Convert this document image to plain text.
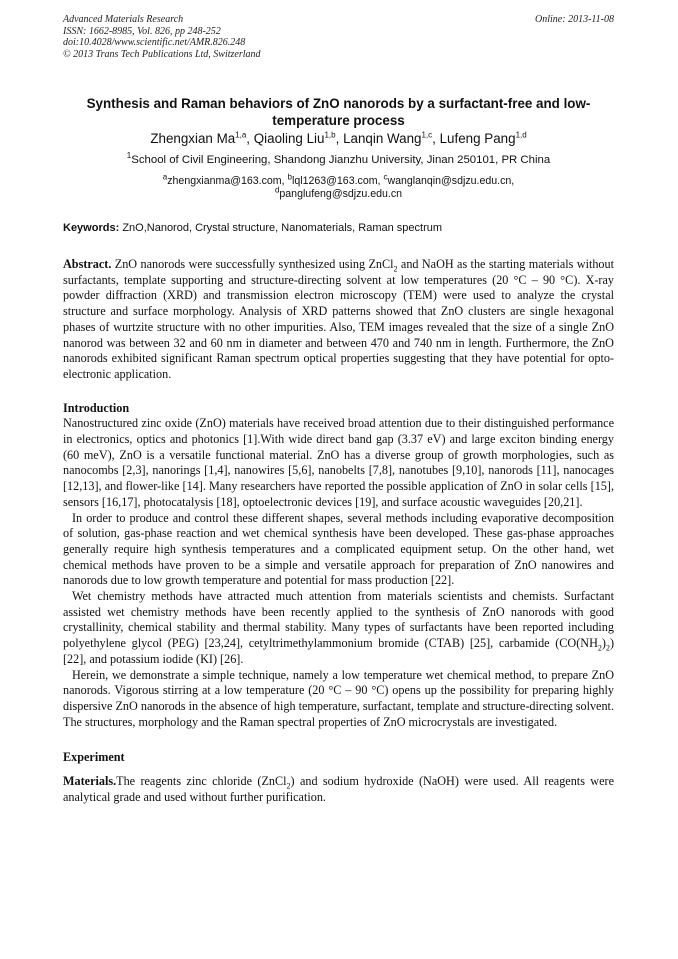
Advanced Materials Research
ISSN: 1662-8985, Vol. 826, pp 248-252
doi:10.4028/www.scientific.net/AMR.826.248
© 2013 Trans Tech Publications Ltd, Switzerland
Online: 2013-11-08
Synthesis and Raman behaviors of ZnO nanorods by a surfactant-free and low-temperature process
Zhengxian Ma$^{1,a}$, Qiaoling Liu$^{1,b}$, Lanqin Wang$^{1,c}$, Lufeng Pang$^{1,d}$
$^1$School of Civil Engineering, Shandong Jianzhu University, Jinan 250101, PR China
$^a$zhengxianma@163.com, $^b$lql1263@163.com, $^c$wanglanqin@sdjzu.edu.cn,
$^d$panglufeng@sdjzu.edu.cn
Keywords: ZnO,Nanorod, Crystal structure, Nanomaterials, Raman spectrum

Abstract. ZnO nanorods were successfully synthesized using ZnCl$_2$ and NaOH as the starting materials without surfactants, template supporting and structure-directing solvent at low temperatures (20 °C – 90 °C). X-ray powder diffraction (XRD) and transmission electron microscopy (TEM) were used to analyze the crystal structure and surface morphology. Analysis of XRD patterns showed that ZnO clusters are single hexagonal phases of wurtzite structure with no other impurities. Also, TEM images revealed that the size of a single ZnO nanorod was between 32 and 60 nm in diameter and between 470 and 740 nm in length. Furthermore, the ZnO nanorods exhibited significant Raman spectrum optical properties suggesting that they have potential for opto-electronic application.

Introduction

Nanostructured zinc oxide (ZnO) materials have received broad attention due to their distinguished performance in electronics, optics and photonics [1].With wide direct band gap (3.37 eV) and large exciton binding energy (60 meV), ZnO is a versatile functional material. ZnO has a diverse group of growth morphologies, such as nanocombs [2,3], nanorings [1,4], nanowires [5,6], nanobelts [7,8], nanotubes [9,10], nanorods [11], nanocages [12,13], and flower-like [14]. Many researchers have reported the possible application of ZnO in solar cells [15], sensors [16,17], photocatalysis [18], optoelectronic devices [19], and surface acoustic waveguides [20,21].

In order to produce and control these different shapes, several methods including evaporative decomposition of solution, gas-phase reaction and wet chemical synthesis have been developed. These gas-phase approaches generally require high synthesis temperatures and a complicated equipment setup. On the other hand, wet chemical methods have proven to be a simple and versatile approach for preparation of ZnO nanowires and nanorods due to low growth temperature and potential for mass production [22].

Wet chemistry methods have attracted much attention from materials scientists and chemists. Surfactant assisted wet chemistry methods have been recently applied to the synthesis of ZnO nanorods with good crystallinity, chemical stability and thermal stability. Many types of surfactants have been reported including polyethylene glycol (PEG) [23,24], cetyltrimethylammonium bromide (CTAB) [25], carbamide $(CO(NH_2)_2)$ [22], and potassium iodide (KI) [26].

Herein, we demonstrate a simple technique, namely a low temperature wet chemical method, to prepare ZnO nanorods. Vigorous stirring at a low temperature (20 °C – 90 °C) opens up the possibility for preparing highly dispersive ZnO nanorods in the absence of high temperature, surfactant, template and structure-directing solvent. The structures, morphology and the Raman spectral properties of ZnO microcrystals are investigated.

Experiment

Materials.The reagents zinc chloride (ZnCl$_2$) and sodium hydroxide (NaOH) were used. All reagents were analytical grade and used without further purification.
